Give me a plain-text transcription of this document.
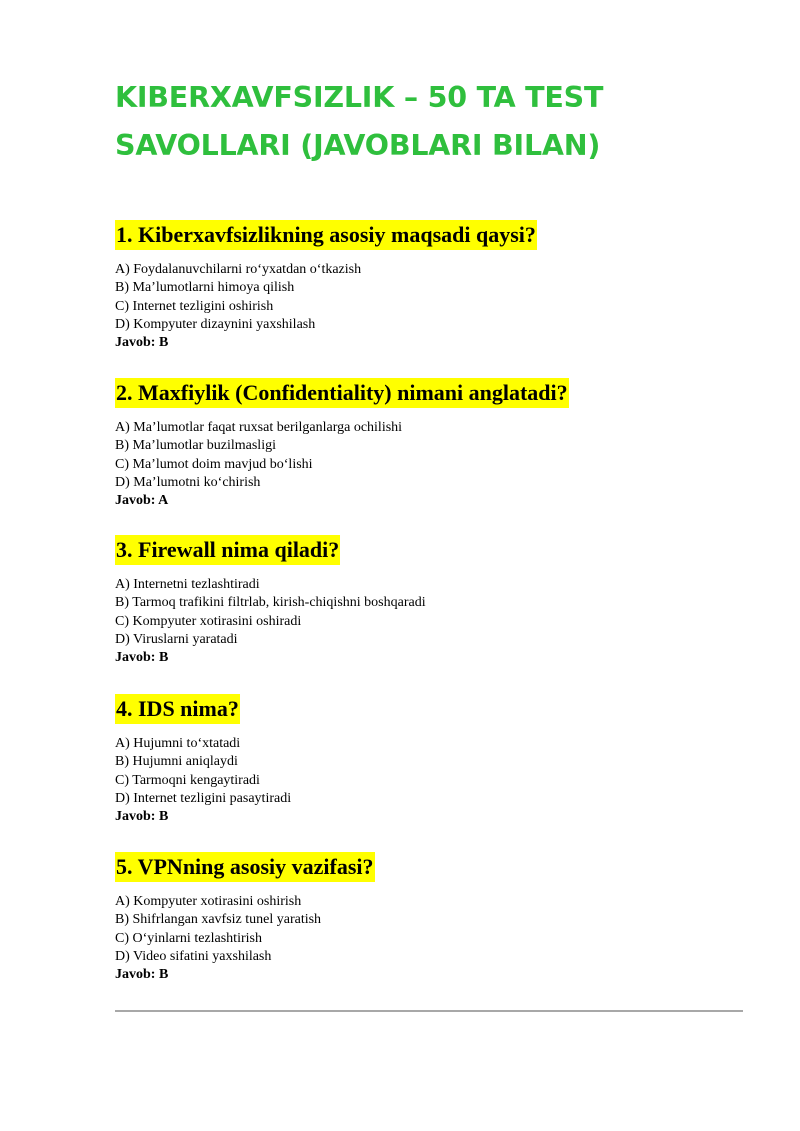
KIBERXAVFSIZLIK – 50 TA TEST
SAVOLLARI (JAVOBLARI BILAN)
1. Kiberxavfsizlikning asosiy maqsadi qaysi?
A) Foydalanuvchilarni ro‘yxatdan o‘tkazish
B) Ma’lumotlarni himoya qilish
C) Internet tezligini oshirish
D) Kompyuter dizaynini yaxshilash
Javob: B
2. Maxfiylik (Confidentiality) nimani anglatadi?
A) Ma’lumotlar faqat ruxsat berilganlarga ochilishi
B) Ma’lumotlar buzilmasligi
C) Ma’lumot doim mavjud bo‘lishi
D) Ma’lumotni ko‘chirish
Javob: A
3. Firewall nima qiladi?
A) Internetni tezlashtiradi
B) Tarmoq trafikini filtrlab, kirish-chiqishni boshqaradi
C) Kompyuter xotirasini oshiradi
D) Viruslarni yaratadi
Javob: B
4. IDS nima?
A) Hujumni to‘xtatadi
B) Hujumni aniqlaydi
C) Tarmoqni kengaytiradi
D) Internet tezligini pasaytiradi
Javob: B
5. VPNning asosiy vazifasi?
A) Kompyuter xotirasini oshirish
B) Shifrlangan xavfsiz tunel yaratish
C) O‘yinlarni tezlashtirish
D) Video sifatini yaxshilash
Javob: B
